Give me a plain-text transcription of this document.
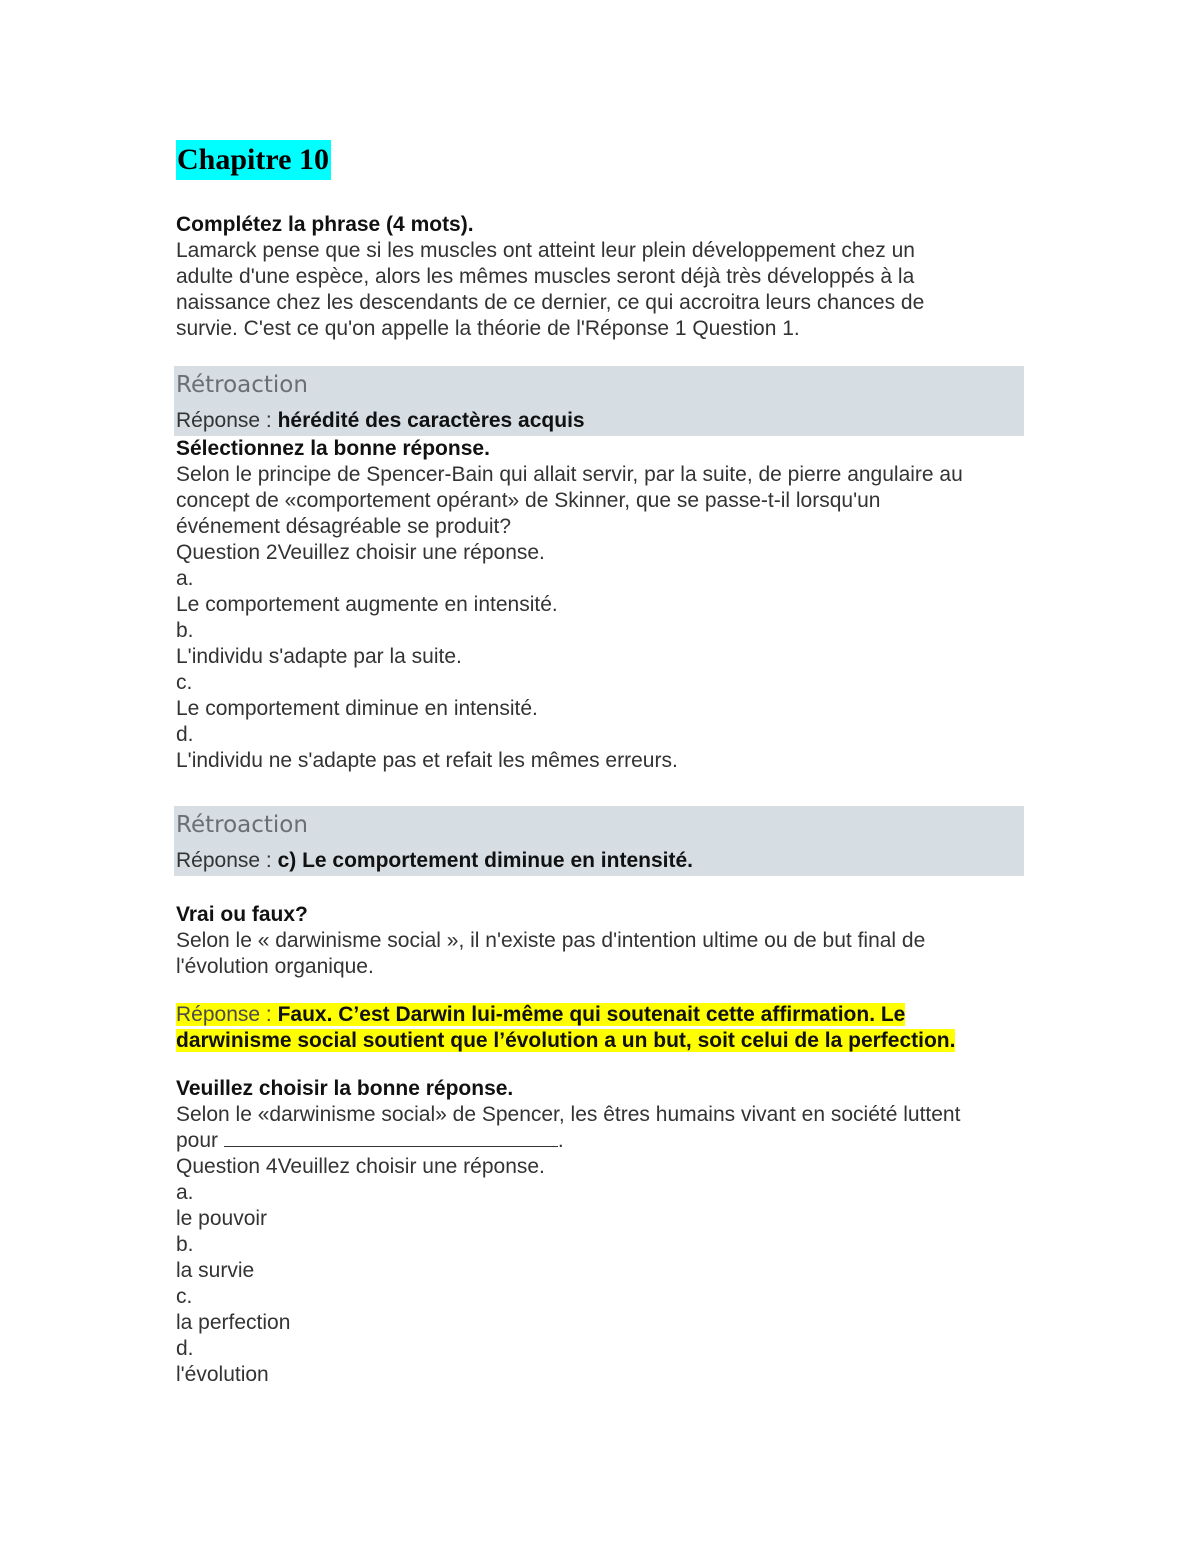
Chapitre 10

Complétez la phrase (4 mots).

Lamarck pense que si les muscles ont atteint leur plein développement chez un

adulte d'une espèce, alors les mêmes muscles seront déjà très développés à la

naissance chez les descendants de ce dernier, ce qui accroitra leurs chances de

survie. C'est ce qu'on appelle la théorie de l'Réponse 1 Question 1.

Rétroaction

Réponse : hérédité des caractères acquis

Sélectionnez la bonne réponse.

Selon le principe de Spencer-Bain qui allait servir, par la suite, de pierre angulaire au

concept de «comportement opérant» de Skinner, que se passe-t-il lorsqu'un

événement désagréable se produit?

Question 2Veuillez choisir une réponse.

a.

Le comportement augmente en intensité.

b.

L'individu s'adapte par la suite.

c.

Le comportement diminue en intensité.

d.

L'individu ne s'adapte pas et refait les mêmes erreurs.

Rétroaction

Réponse : c) Le comportement diminue en intensité.

Vrai ou faux?

Selon le « darwinisme social », il n'existe pas d'intention ultime ou de but final de

l'évolution organique.

Réponse : Faux. C’est Darwin lui-même qui soutenait cette affirmation. Le

darwinisme social soutient que l’évolution a un but, soit celui de la perfection.

Veuillez choisir la bonne réponse.

Selon le «darwinisme social» de Spencer, les êtres humains vivant en société luttent

pour	.

Question 4Veuillez choisir une réponse.

a.

le pouvoir

b.

la survie

c.

la perfection

d.

l'évolution
